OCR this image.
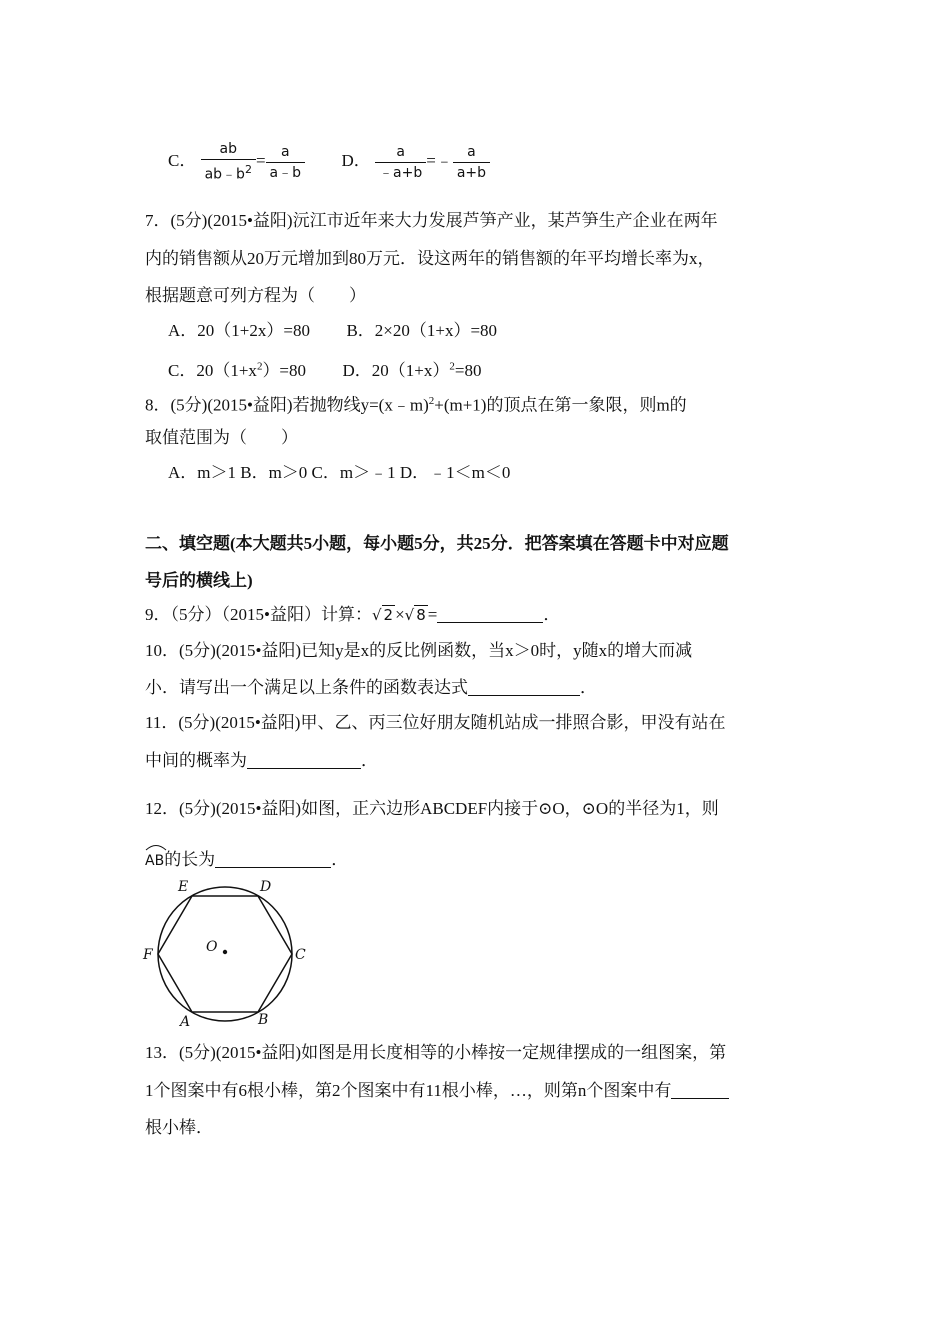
C． $\frac{ab}{ab﹣b^2} = \frac{a}{a﹣b}$ D． $\frac{a}{﹣a+b}$ =﹣ $\frac{a}{a+b}$
7．(5分)(2015•益阳)沅江市近年来大力发展芦笋产业，某芦笋生产企业在两年
内的销售额从20万元增加到80万元．设这两年的销售额的年平均增长率为x，
根据题意可列方程为（　　）
A．20（1+2x）=80 B．2×20（1+x）=80
C．$20(1+x^2)=80$ D．$20(1+x)^2=80$
8．(5分)(2015•益阳)若抛物线y=(x﹣m)$^2$+(m+1)的顶点在第一象限，则m的
取值范围为（　　）
A．m＞1 B．m＞0 C．m＞﹣1 D．﹣1＜m＜0
二、填空题(本大题共5小题，每小题5分，共25分．把答案填在答题卡中对应题
号后的横线上)
9．（5分）（2015•益阳）计算：√ 2 ×√ 8 =	．
10．(5分)(2015•益阳)已知y是x的反比例函数，当x＞0时，y随x的增大而减
小．请写出一个满足以上条件的函数表达式	．
11．(5分)(2015•益阳)甲、乙、丙三位好朋友随机站成一排照合影，甲没有站在
中间的概率为	．
12．(5分)(2015•益阳)如图，正六边形ABCDEF内接于⊙O，⊙O的半径为1，则
AB的长为	．
E	D
F	C
A	B
O
13．(5分)(2015•益阳)如图是用长度相等的小棒按一定规律摆成的一组图案，第
1个图案中有6根小棒，第2个图案中有11根小棒，…，则第n个图案中有
根小棒．
